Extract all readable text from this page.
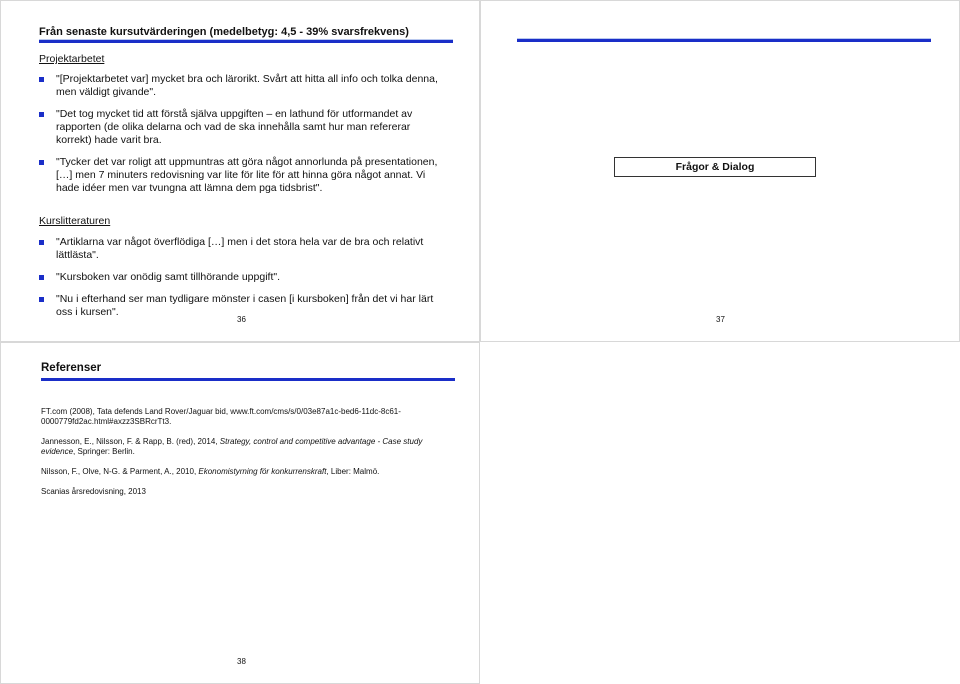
Från senaste kursutvärderingen (medelbetyg: 4,5 - 39% svarsfrekvens)
Projektarbetet
"[Projektarbetet var] mycket bra och lärorikt. Svårt att hitta all info och tolka denna, men väldigt givande".
"Det tog mycket tid att förstå själva uppgiften – en lathund för utformandet av rapporten (de olika delarna och vad de ska innehålla samt hur man refererar korrekt) hade varit bra.
"Tycker det var roligt att uppmuntras att göra något annorlunda på presentationen, […] men 7 minuters redovisning var lite för lite för att hinna göra något annat. Vi hade idéer men var tvungna att lämna dem pga tidsbrist".
Kurslitteraturen
"Artiklarna var något överflödiga […] men i det stora hela var de bra och relativt lättlästa".
"Kursboken var onödig samt tillhörande uppgift".
"Nu i efterhand ser man tydligare mönster i casen [i kursboken] från det vi har lärt oss i kursen".
36
Frågor & Dialog
37
Referenser

FT.com (2008), Tata defends Land Rover/Jaguar bid, www.ft.com/cms/s/0/03e87a1c-bed6-11dc-8c61-0000779fd2ac.html#axzz3SBRcrTt3.

Jannesson, E., Nilsson, F. & Rapp, B. (red), 2014, Strategy, control and competitive advantage - Case study evidence, Springer: Berlin.

Nilsson, F., Olve, N-G. & Parment, A., 2010, Ekonomistyrning för konkurrenskraft, Liber: Malmö.

Scanias årsredovisning, 2013

38
